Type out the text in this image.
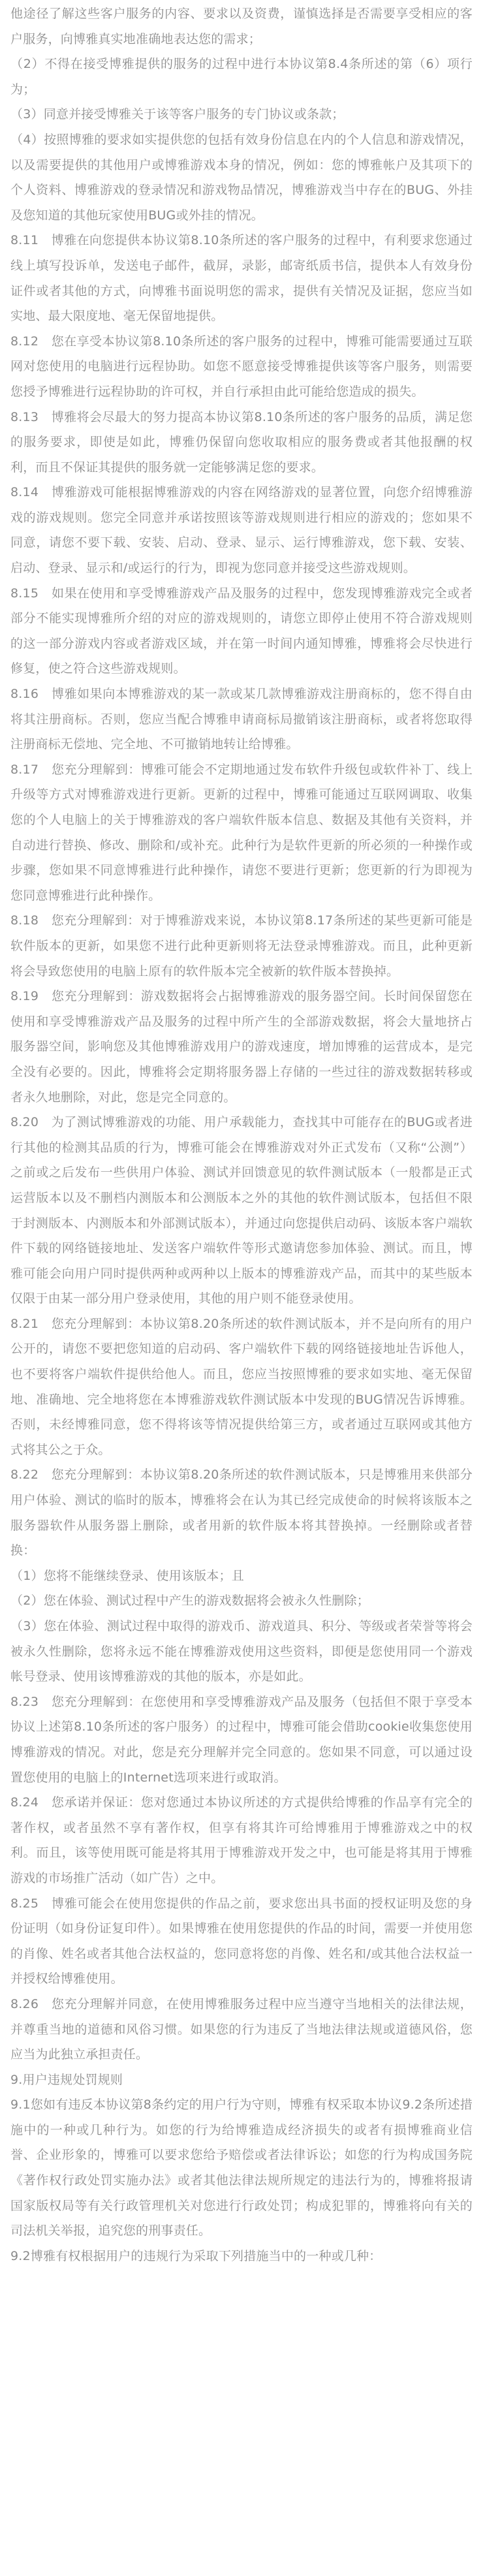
他途径了解这些客户服务的内容、要求以及资费，谨慎选择是否需要享受相应的客户服务，向博雅真实地准确地表达您的需求；

（2）不得在接受博雅提供的服务的过程中进行本协议第8.4条所述的第（6）项行为；

（3）同意并接受博雅关于该等客户服务的专门协议或条款；

（4）按照博雅的要求如实提供您的包括有效身份信息在内的个人信息和游戏情况，以及需要提供的其他用户或博雅游戏本身的情况，例如：您的博雅帐户及其项下的个人资料、博雅游戏的登录情况和游戏物品情况，博雅游戏当中存在的BUG、外挂及您知道的其他玩家使用BUG或外挂的情况。

8.11　博雅在向您提供本协议第8.10条所述的客户服务的过程中，有利要求您通过线上填写投诉单，发送电子邮件，截屏，录影，邮寄纸质书信，提供本人有效身份证件或者其他的方式，向博雅书面说明您的需求，提供有关情况及证据，您应当如实地、最大限度地、毫无保留地提供。

8.12　您在享受本协议第8.10条所述的客户服务的过程中，博雅可能需要通过互联网对您使用的电脑进行远程协助。如您不愿意接受博雅提供该等客户服务，则需要您授予博雅进行远程协助的许可权，并自行承担由此可能给您造成的损失。

8.13　博雅将会尽最大的努力提高本协议第8.10条所述的客户服务的品质，满足您的服务要求，即使是如此，博雅仍保留向您收取相应的服务费或者其他报酬的权利，而且不保证其提供的服务就一定能够满足您的要求。

8.14　博雅游戏可能根据博雅游戏的内容在网络游戏的显著位置，向您介绍博雅游戏的游戏规则。您完全同意并承诺按照该等游戏规则进行相应的游戏的；您如果不同意，请您不要下载、安装、启动、登录、显示、运行博雅游戏，您下载、安装、启动、登录、显示和/或运行的行为，即视为您同意并接受这些游戏规则。

8.15　如果在使用和享受博雅游戏产品及服务的过程中，您发现博雅游戏完全或者部分不能实现博雅所介绍的对应的游戏规则的，请您立即停止使用不符合游戏规则的这一部分游戏内容或者游戏区域，并在第一时间内通知博雅，博雅将会尽快进行修复，使之符合这些游戏规则。

8.16　博雅如果向本博雅游戏的某一款或某几款博雅游戏注册商标的，您不得自由将其注册商标。否则，您应当配合博雅申请商标局撤销该注册商标，或者将您取得注册商标无偿地、完全地、不可撤销地转让给博雅。

8.17　您充分理解到：博雅可能会不定期地通过发布软件升级包或软件补丁、线上升级等方式对博雅游戏进行更新。更新的过程中，博雅可能通过互联网调取、收集您的个人电脑上的关于博雅游戏的客户端软件版本信息、数据及其他有关资料，并自动进行替换、修改、删除和/或补充。此种行为是软件更新的所必须的一种操作或步骤，您如果不同意博雅进行此种操作，请您不要进行更新；您更新的行为即视为您同意博雅进行此种操作。

8.18　您充分理解到：对于博雅游戏来说，本协议第8.17条所述的某些更新可能是软件版本的更新，如果您不进行此种更新则将无法登录博雅游戏。而且，此种更新将会导致您使用的电脑上原有的软件版本完全被新的软件版本替换掉。

8.19　您充分理解到：游戏数据将会占据博雅游戏的服务器空间。长时间保留您在使用和享受博雅游戏产品及服务的过程中所产生的全部游戏数据，将会大量地挤占服务器空间，影响您及其他博雅游戏用户的游戏速度，增加博雅的运营成本，是完全没有必要的。因此，博雅将会定期将服务器上存储的一些过往的游戏数据转移或者永久地删除，对此，您是完全同意的。

8.20　为了测试博雅游戏的功能、用户承载能力，查找其中可能存在的BUG或者进行其他的检测其品质的行为，博雅可能会在博雅游戏对外正式发布（又称“公测”）之前或之后发布一些供用户体验、测试并回馈意见的软件测试版本（一般都是正式运营版本以及不删档内测版本和公测版本之外的其他的软件测试版本，包括但不限于封测版本、内测版本和外部测试版本），并通过向您提供启动码、该版本客户端软件下载的网络链接地址、发送客户端软件等形式邀请您参加体验、测试。而且，博雅可能会向用户同时提供两种或两种以上版本的博雅游戏产品，而其中的某些版本仅限于由某一部分用户登录使用，其他的用户则不能登录使用。

8.21　您充分理解到：本协议第8.20条所述的软件测试版本，并不是向所有的用户公开的，请您不要把您知道的启动码、客户端软件下载的网络链接地址告诉他人，也不要将客户端软件提供给他人。而且，您应当按照博雅的要求如实地、毫无保留地、准确地、完全地将您在本博雅游戏软件测试版本中发现的BUG情况告诉博雅。否则，未经博雅同意，您不得将该等情况提供给第三方，或者通过互联网或其他方式将其公之于众。

8.22　您充分理解到：本协议第8.20条所述的软件测试版本，只是博雅用来供部分用户体验、测试的临时的版本，博雅将会在认为其已经完成使命的时候将该版本之服务器软件从服务器上删除，或者用新的软件版本将其替换掉。一经删除或者替换：

（1）您将不能继续登录、使用该版本；且

（2）您在体验、测试过程中产生的游戏数据将会被永久性删除；

（3）您在体验、测试过程中取得的游戏币、游戏道具、积分、等级或者荣誉等将会被永久性删除，您将永远不能在博雅游戏使用这些资料，即便是您使用同一个游戏帐号登录、使用该博雅游戏的其他的版本，亦是如此。

8.23　您充分理解到：在您使用和享受博雅游戏产品及服务（包括但不限于享受本协议上述第8.10条所述的客户服务）的过程中，博雅可能会借助cookie收集您使用博雅游戏的情况。对此，您是充分理解并完全同意的。您如果不同意，可以通过设置您使用的电脑上的Internet选项来进行或取消。

8.24　您承诺并保证：您对您通过本协议所述的方式提供给博雅的作品享有完全的著作权，或者虽然不享有著作权，但享有将其许可给博雅用于博雅游戏之中的权利。而且，该等使用既可能是将其用于博雅游戏开发之中，也可能是将其用于博雅游戏的市场推广活动（如广告）之中。

8.25　博雅可能会在使用您提供的作品之前，要求您出具书面的授权证明及您的身份证明（如身份证复印件）。如果博雅在使用您提供的作品的时间，需要一并使用您的肖像、姓名或者其他合法权益的，您同意将您的肖像、姓名和/或其他合法权益一并授权给博雅使用。

8.26　您充分理解并同意，在使用博雅服务过程中应当遵守当地相关的法律法规，并尊重当地的道德和风俗习惯。如果您的行为违反了当地法律法规或道德风俗，您应当为此独立承担责任。

9.用户违规处罚规则

9.1您如有违反本协议第8条约定的用户行为守则，博雅有权采取本协议9.2条所述措施中的一种或几种行为。如您的行为给博雅造成经济损失的或者有损博雅商业信誉、企业形象的，博雅可以要求您给予赔偿或者法律诉讼；如您的行为构成国务院《著作权行政处罚实施办法》或者其他法律法规所规定的违法行为的，博雅将报请国家版权局等有关行政管理机关对您进行行政处罚；构成犯罪的，博雅将向有关的司法机关举报，追究您的刑事责任。

9.2博雅有权根据用户的违规行为采取下列措施当中的一种或几种：
